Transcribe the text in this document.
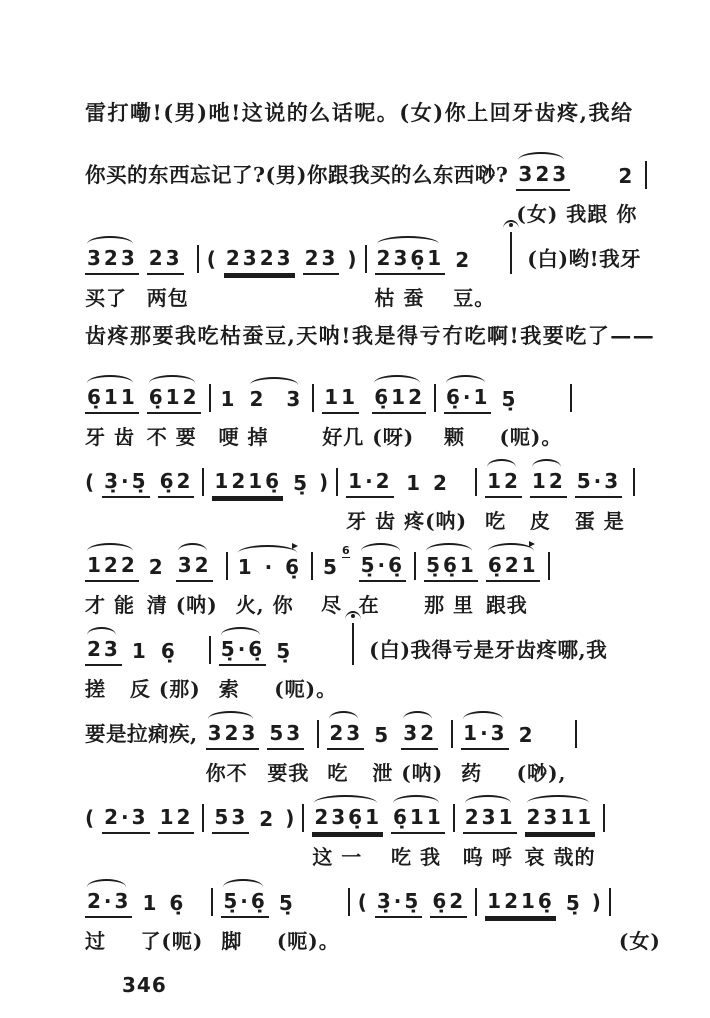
雷打嘞!(男)吔!这说的么话呢。(女)你上回牙齿疼,我给
你买的东西忘记了?(男)你跟我买的么东西唦? 323
(女) 我跟
2
你
323
买了
23
两包
( 2323 23 ) 236̣1
枯 蚕
2
豆。
(白)哟!我牙
齿疼那要我吃枯蚕豆,天呐!我是得亏冇吃啊!我要吃了——
6̣11
牙 齿
6̣12
不 要
1
哽
2  3
掉
11
好几
6̣12
(呀)
6̣·1
颗
5̣
(呃)。
( 3̣·5̣ 6̣2 1216̣ 5̣ ) 1·2
牙 齿
1 2
疼(呐)
12
吃
12
皮
5·3
蛋 是
122
才 能
2
清
32
(呐)
1 · 6̣
火, 你
$5^6$
尽
5̣·6̣
在
5̣6̣1
那 里
6̣21
跟我
23
搓
1
反
6̣
(那)
5̣·6̣
索
5̣
(呃)。
(白)我得亏是牙齿疼哪,我
要是拉痢疾, 323
你不
53
要我
23
吃
5
泄
32
(呐)
1·3
药
2
(唦),
( 2·3 12 53 2 ) 236̣1
这 一
6̣11
吃 我
231
呜 呼
2311
哀 哉的
2·3
过
1 6̣
了(呃)
5̣·6̣
脚
5̣
(呃)。
( 3̣·5̣ 6̣2 1216̣ 5̣ )
(女)
346
